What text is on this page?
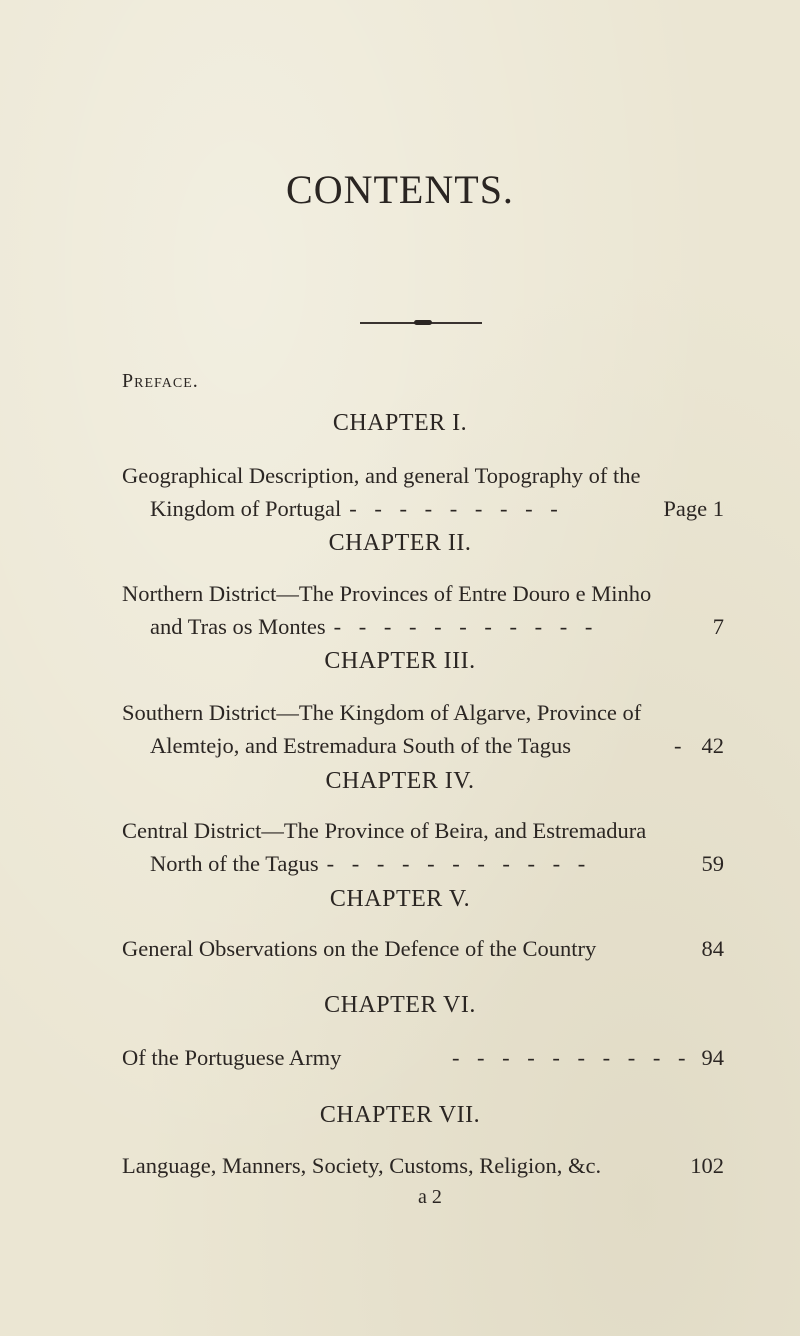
CONTENTS.
Preface.
CHAPTER I.
Geographical Description, and general Topography of the
Kingdom of Portugal - - - - - - - - -	Page 1
CHAPTER II.
Northern District—The Provinces of Entre Douro e Minho
and Tras os Montes - - - - - - - - - - -	7
CHAPTER III.
Southern District—The Kingdom of Algarve, Province of
Alemtejo, and Estremadura South of the Tagus	- 42
CHAPTER IV.
Central District—The Province of Beira, and Estremadura
North of the Tagus - - - - - - - - - - -	59
CHAPTER V.
General Observations on the Defence of the Country	84
CHAPTER VI.
Of the Portuguese Army	- - - - - - - - - - 94
CHAPTER VII.
Language, Manners, Society, Customs, Religion, &c.	102
a 2
